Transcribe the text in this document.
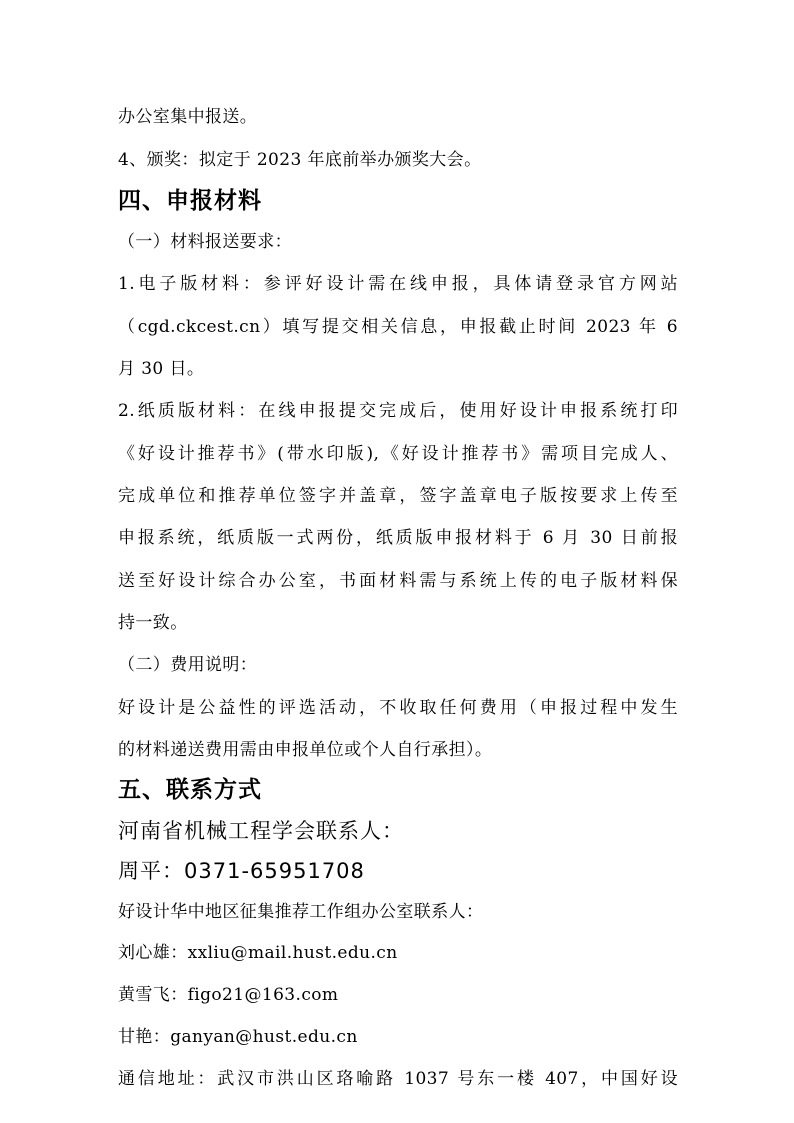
办公室集中报送。
4、颁奖：拟定于 2023 年底前举办颁奖大会。
四、申报材料
（一）材料报送要求：
1.电子版材料：参评好设计需在线申报，具体请登录官方网站
（cgd.ckcest.cn）填写提交相关信息，申报截止时间 2023 年 6
月 30 日。
2.纸质版材料：在线申报提交完成后，使用好设计申报系统打印
《好设计推荐书》(带水印版),《好设计推荐书》需项目完成人、
完成单位和推荐单位签字并盖章，签字盖章电子版按要求上传至
申报系统，纸质版一式两份，纸质版申报材料于 6 月 30 日前报
送至好设计综合办公室，书面材料需与系统上传的电子版材料保
持一致。
（二）费用说明：
好设计是公益性的评选活动，不收取任何费用（申报过程中发生
的材料递送费用需由申报单位或个人自行承担）。
五、联系方式
河南省机械工程学会联系人：
周平：0371-65951708
好设计华中地区征集推荐工作组办公室联系人：
刘心雄：xxliu@mail.hust.edu.cn
黄雪飞：figo21@163.com
甘艳：ganyan@hust.edu.cn
通信地址：武汉市洪山区珞喻路 1037 号东一楼 407，中国好设
